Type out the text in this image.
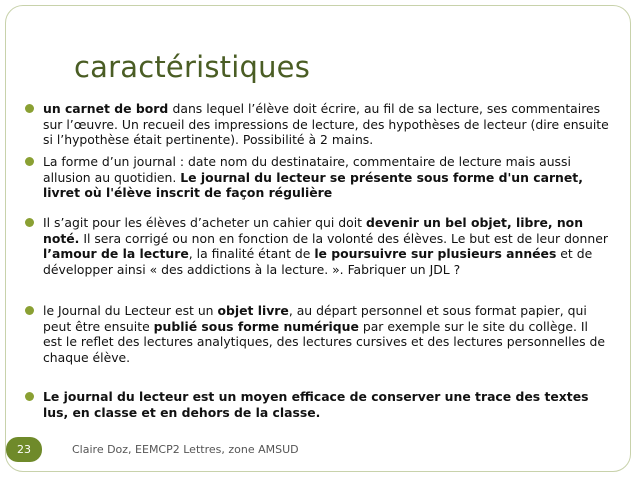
caractéristiques
un carnet de bord dans lequel l’élève doit écrire, au fil de sa lecture, ses commentaires sur l’œuvre. Un recueil des impressions de lecture, des hypothèses de lecteur (dire ensuite si l’hypothèse était pertinente). Possibilité à 2 mains.
La forme d’un journal : date nom du destinataire, commentaire de lecture mais aussi allusion au quotidien. Le journal du lecteur se présente sous forme d'un carnet, livret où l'élève inscrit de façon régulière
Il s’agit pour les élèves d’acheter un cahier qui doit devenir un bel objet, libre, non noté. Il sera corrigé ou non en fonction de la volonté des élèves. Le but est de leur donner l’amour de la lecture, la finalité étant de le poursuivre sur plusieurs années et de développer ainsi « des addictions à la lecture. ». Fabriquer un JDL ?
le Journal du Lecteur est un objet livre, au départ personnel et sous format papier, qui peut être ensuite publié sous forme numérique par exemple sur le site du collège. Il est le reflet des lectures analytiques, des lectures cursives et des lectures personnelles de chaque élève.
Le journal du lecteur est un moyen efficace de conserver une trace des textes lus, en classe et en dehors de la classe.
23	Claire Doz, EEMCP2 Lettres, zone AMSUD
